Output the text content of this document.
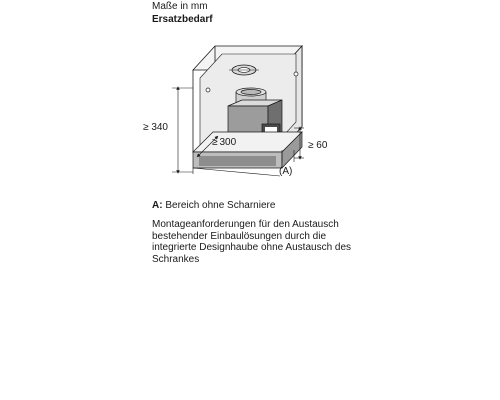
Maße in mm
Ersatzbedarf
≥ 340
≥ 300	≥ 60
(A)
A: Bereich ohne Scharniere
Montageanforderungen für den Austausch bestehender Einbaulösungen durch die integrierte Designhaube ohne Austausch des Schrankes
